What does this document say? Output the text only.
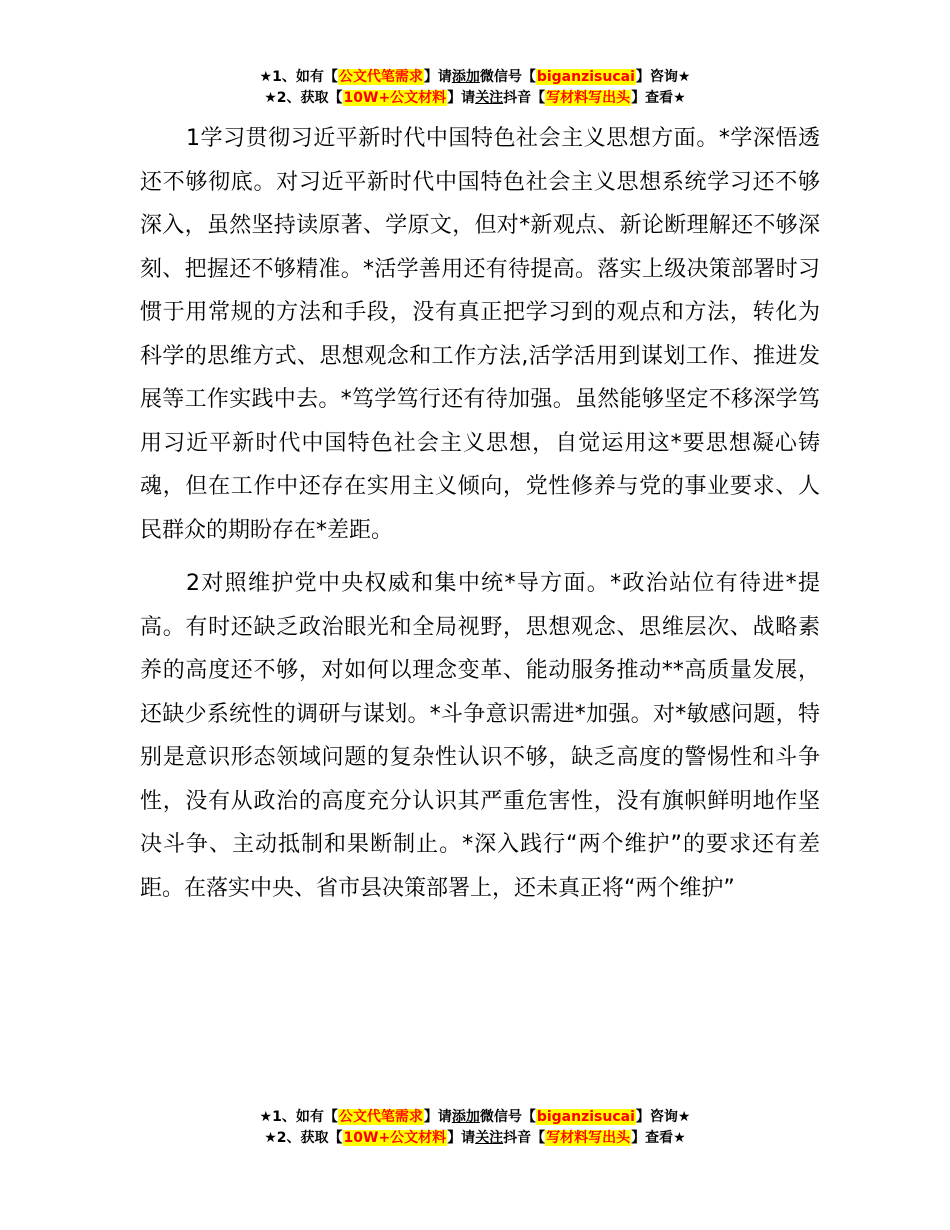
★1、如有【公文代笔需求】请添加微信号【biganzisucai】咨询★
★2、获取【10W+公文材料】请关注抖音【写材料写出头】查看★

1学习贯彻习近平新时代中国特色社会主义思想方面。*学深悟透还不够彻底。对习近平新时代中国特色社会主义思想系统学习还不够深入，虽然坚持读原著、学原文，但对*新观点、新论断理解还不够深刻、把握还不够精准。*活学善用还有待提高。落实上级决策部署时习惯于用常规的方法和手段，没有真正把学习到的观点和方法，转化为科学的思维方式、思想观念和工作方法,活学活用到谋划工作、推进发展等工作实践中去。*笃学笃行还有待加强。虽然能够坚定不移深学笃用习近平新时代中国特色社会主义思想，自觉运用这*要思想凝心铸魂，但在工作中还存在实用主义倾向，党性修养与党的事业要求、人民群众的期盼存在*差距。

2对照维护党中央权威和集中统*导方面。*政治站位有待进*提高。有时还缺乏政治眼光和全局视野，思想观念、思维层次、战略素养的高度还不够，对如何以理念变革、能动服务推动**高质量发展，还缺少系统性的调研与谋划。*斗争意识需进*加强。对*敏感问题，特别是意识形态领域问题的复杂性认识不够，缺乏高度的警惕性和斗争性，没有从政治的高度充分认识其严重危害性，没有旗帜鲜明地作坚决斗争、主动抵制和果断制止。*深入践行“两个维护”的要求还有差距。在落实中央、省市县决策部署上，还未真正将“两个维护”

★1、如有【公文代笔需求】请添加微信号【biganzisucai】咨询★
★2、获取【10W+公文材料】请关注抖音【写材料写出头】查看★
